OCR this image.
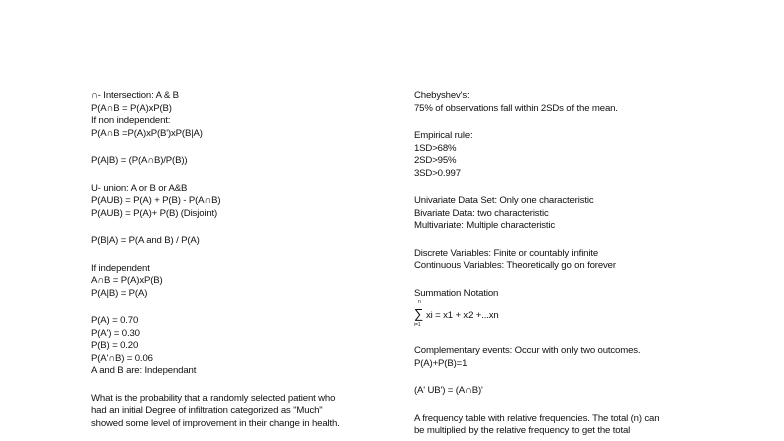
∩- Intersection: A & B
P(A∩B = P(A)xP(B)
If non independent:
P(A∩B =P(A)xP(B')xP(B|A)
P(A|B) = (P(A∩B)/P(B))
U- union: A or B or A&B
P(AUB) = P(A) + P(B) - P(A∩B)
P(AUB) = P(A)+ P(B) (Disjoint)
P(B|A) = P(A and B) / P(A)
If independent
A∩B = P(A)xP(B)
P(A|B) = P(A)
P(A) = 0.70
P(A') = 0.30
P(B) = 0.20
P(A'∩B) = 0.06
A and B are: Independant
What is the probability that a randomly selected patient who
had an initial Degree of infiltration categorized as "Much"
showed some level of improvement in their change in health.
Chebyshev's:
75% of observations fall within 2SDs of the mean.
Empirical rule:
1SD>68%
2SD>95%
3SD>0.997
Univariate Data Set: Only one characteristic
Bivariate Data: two characteristic
Multivariate: Multiple characteristic
Discrete Variables: Finite or countably infinite
Continuous Variables: Theoretically go on forever
Summation Notation
n
∑
i=1
xi = x1 + x2 +...xn
Complementary events: Occur with only two outcomes.
P(A)+P(B)=1
(A' UB') = (A∩B)'
A frequency table with relative frequencies. The total (n) can
be multiplied by the relative frequency to get the total
